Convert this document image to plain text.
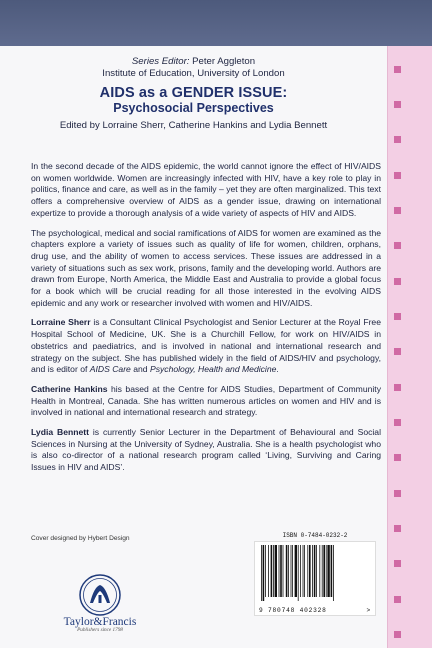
Series Editor: Peter Aggleton
Institute of Education, University of London
AIDS as a GENDER ISSUE:
Psychosocial Perspectives
Edited by Lorraine Sherr, Catherine Hankins and Lydia Bennett

In the second decade of the AIDS epidemic, the world cannot ignore the effect of HIV/AIDS on women worldwide. Women are increasingly infected with HIV, have a key role to play in politics, finance and care, as well as in the family – yet they are often marginalized. This text offers a comprehensive overview of AIDS as a gender issue, drawing on international expertize to provide a thorough analysis of a wide variety of aspects of HIV and AIDS.

The psychological, medical and social ramifications of AIDS for women are examined as the chapters explore a variety of issues such as quality of life for women, children, orphans, drug use, and the ability of women to access services. These issues are addressed in a variety of situations such as sex work, prisons, family and the developing world. Authors are drawn from Europe, North America, the Middle East and Australia to provide a global focus for a book which will be crucial reading for all those interested in the evolving AIDS epidemic and any work or researcher involved with women and HIV/AIDS.

Lorraine Sherr is a Consultant Clinical Psychologist and Senior Lecturer at the Royal Free Hospital School of Medicine, UK. She is a Churchill Fellow, for work on HIV/AIDS in obstetrics and paediatrics, and is involved in national and international research and strategy on the subject. She has published widely in the field of AIDS/HIV and psychology, and is editor of AIDS Care and Psychology, Health and Medicine.

Catherine Hankins his based at the Centre for AIDS Studies, Department of Community Health in Montreal, Canada. She has written numerous articles on women and HIV and is involved in national and international research and strategy.

Lydia Bennett is currently Senior Lecturer in the Department of Behavioural and Social Sciences in Nursing at the University of Sydney, Australia. She is a health psychologist who is also co-director of a national research program called ‘Living, Surviving and Caring Issues in HIV and AIDS’.

Cover designed by Hybert Design
Taylor&Francis
Publishers since 1798
ISBN 0-7484-0232-2
9 780748 402328	>
